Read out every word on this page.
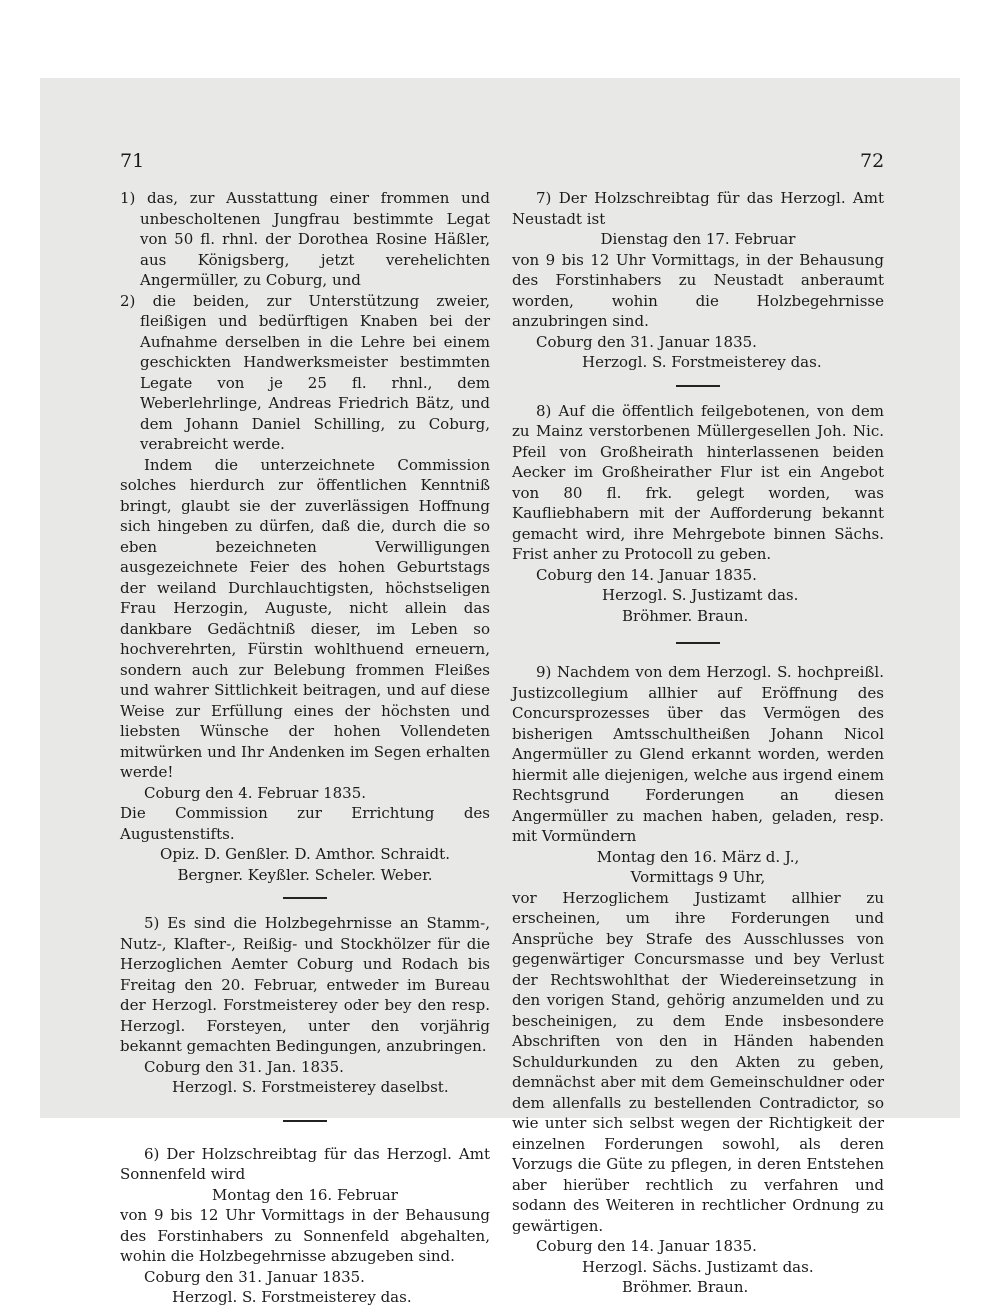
71	72

1) das, zur Ausstattung einer frommen und unbescholtenen Jungfrau bestimmte Legat von 50 fl. rhnl. der Dorothea Rosine Häßler, aus Königsberg, jetzt verehelichten Angermüller, zu Coburg, und

2) die beiden, zur Unterstützung zweier, fleißigen und bedürftigen Knaben bei der Aufnahme derselben in die Lehre bei einem geschickten Handwerksmeister bestimmten Legate von je 25 fl. rhnl., dem Weberlehrlinge, Andreas Friedrich Bätz, und dem Johann Daniel Schilling, zu Coburg, verabreicht werde.

Indem die unterzeichnete Commission solches hierdurch zur öffentlichen Kenntniß bringt, glaubt sie der zuverlässigen Hoffnung sich hingeben zu dürfen, daß die, durch die so eben bezeichneten Verwilligungen ausgezeichnete Feier des hohen Geburtstags der weiland Durchlauchtigsten, höchstseligen Frau Herzogin, Auguste, nicht allein das dankbare Gedächtniß dieser, im Leben so hochverehrten, Fürstin wohlthuend erneuern, sondern auch zur Belebung frommen Fleißes und wahrer Sittlichkeit beitragen, und auf diese Weise zur Erfüllung eines der höchsten und liebsten Wünsche der hohen Vollendeten mitwürken und Ihr Andenken im Segen erhalten werde!

Coburg den 4. Februar 1835.

Die Commission zur Errichtung des Augustenstifts.

Opiz. D. Genßler. D. Amthor. Schraidt.

Bergner. Keyßler. Scheler. Weber.

5) Es sind die Holzbegehrnisse an Stamm-, Nutz-, Klafter-, Reißig- und Stockhölzer für die Herzoglichen Aemter Coburg und Rodach bis Freitag den 20. Februar, entweder im Bureau der Herzogl. Forstmeisterey oder bey den resp. Herzogl. Forsteyen, unter den vorjährig bekannt gemachten Bedingungen, anzubringen.

Coburg den 31. Jan. 1835.

Herzogl. S. Forstmeisterey daselbst.

6) Der Holzschreibtag für das Herzogl. Amt Sonnenfeld wird

Montag den 16. Februar

von 9 bis 12 Uhr Vormittags in der Behausung des Forstinhabers zu Sonnenfeld abgehalten, wohin die Holzbegehrnisse abzugeben sind.

Coburg den 31. Januar 1835.

Herzogl. S. Forstmeisterey das.

7) Der Holzschreibtag für das Herzogl. Amt Neustadt ist

Dienstag den 17. Februar

von 9 bis 12 Uhr Vormittags, in der Behausung des Forstinhabers zu Neustadt anberaumt worden, wohin die Holzbegehrnisse anzubringen sind.

Coburg den 31. Januar 1835.

Herzogl. S. Forstmeisterey das.

8) Auf die öffentlich feilgebotenen, von dem zu Mainz verstorbenen Müllergesellen Joh. Nic. Pfeil von Großheirath hinterlassenen beiden Aecker im Großheirather Flur ist ein Angebot von 80 fl. frk. gelegt worden, was Kaufliebhabern mit der Aufforderung bekannt gemacht wird, ihre Mehrgebote binnen Sächs. Frist anher zu Protocoll zu geben.

Coburg den 14. Januar 1835.

Herzogl. S. Justizamt das.

Bröhmer. Braun.

9) Nachdem von dem Herzogl. S. hochpreißl. Justizcollegium allhier auf Eröffnung des Concursprozesses über das Vermögen des bisherigen Amtsschultheißen Johann Nicol Angermüller zu Glend erkannt worden, werden hiermit alle diejenigen, welche aus irgend einem Rechtsgrund Forderungen an diesen Angermüller zu machen haben, geladen, resp. mit Vormündern

Montag den 16. März d. J.,

Vormittags 9 Uhr,

vor Herzoglichem Justizamt allhier zu erscheinen, um ihre Forderungen und Ansprüche bey Strafe des Ausschlusses von gegenwärtiger Concursmasse und bey Verlust der Rechtswohlthat der Wiedereinsetzung in den vorigen Stand, gehörig anzumelden und zu bescheinigen, zu dem Ende insbesondere Abschriften von den in Händen habenden Schuldurkunden zu den Akten zu geben, demnächst aber mit dem Gemeinschuldner oder dem allenfalls zu bestellenden Contradictor, so wie unter sich selbst wegen der Richtigkeit der einzelnen Forderungen sowohl, als deren Vorzugs die Güte zu pflegen, in deren Entstehen aber hierüber rechtlich zu verfahren und sodann des Weiteren in rechtlicher Ordnung zu gewärtigen.

Coburg den 14. Januar 1835.

Herzogl. Sächs. Justizamt das.

Bröhmer. Braun.
